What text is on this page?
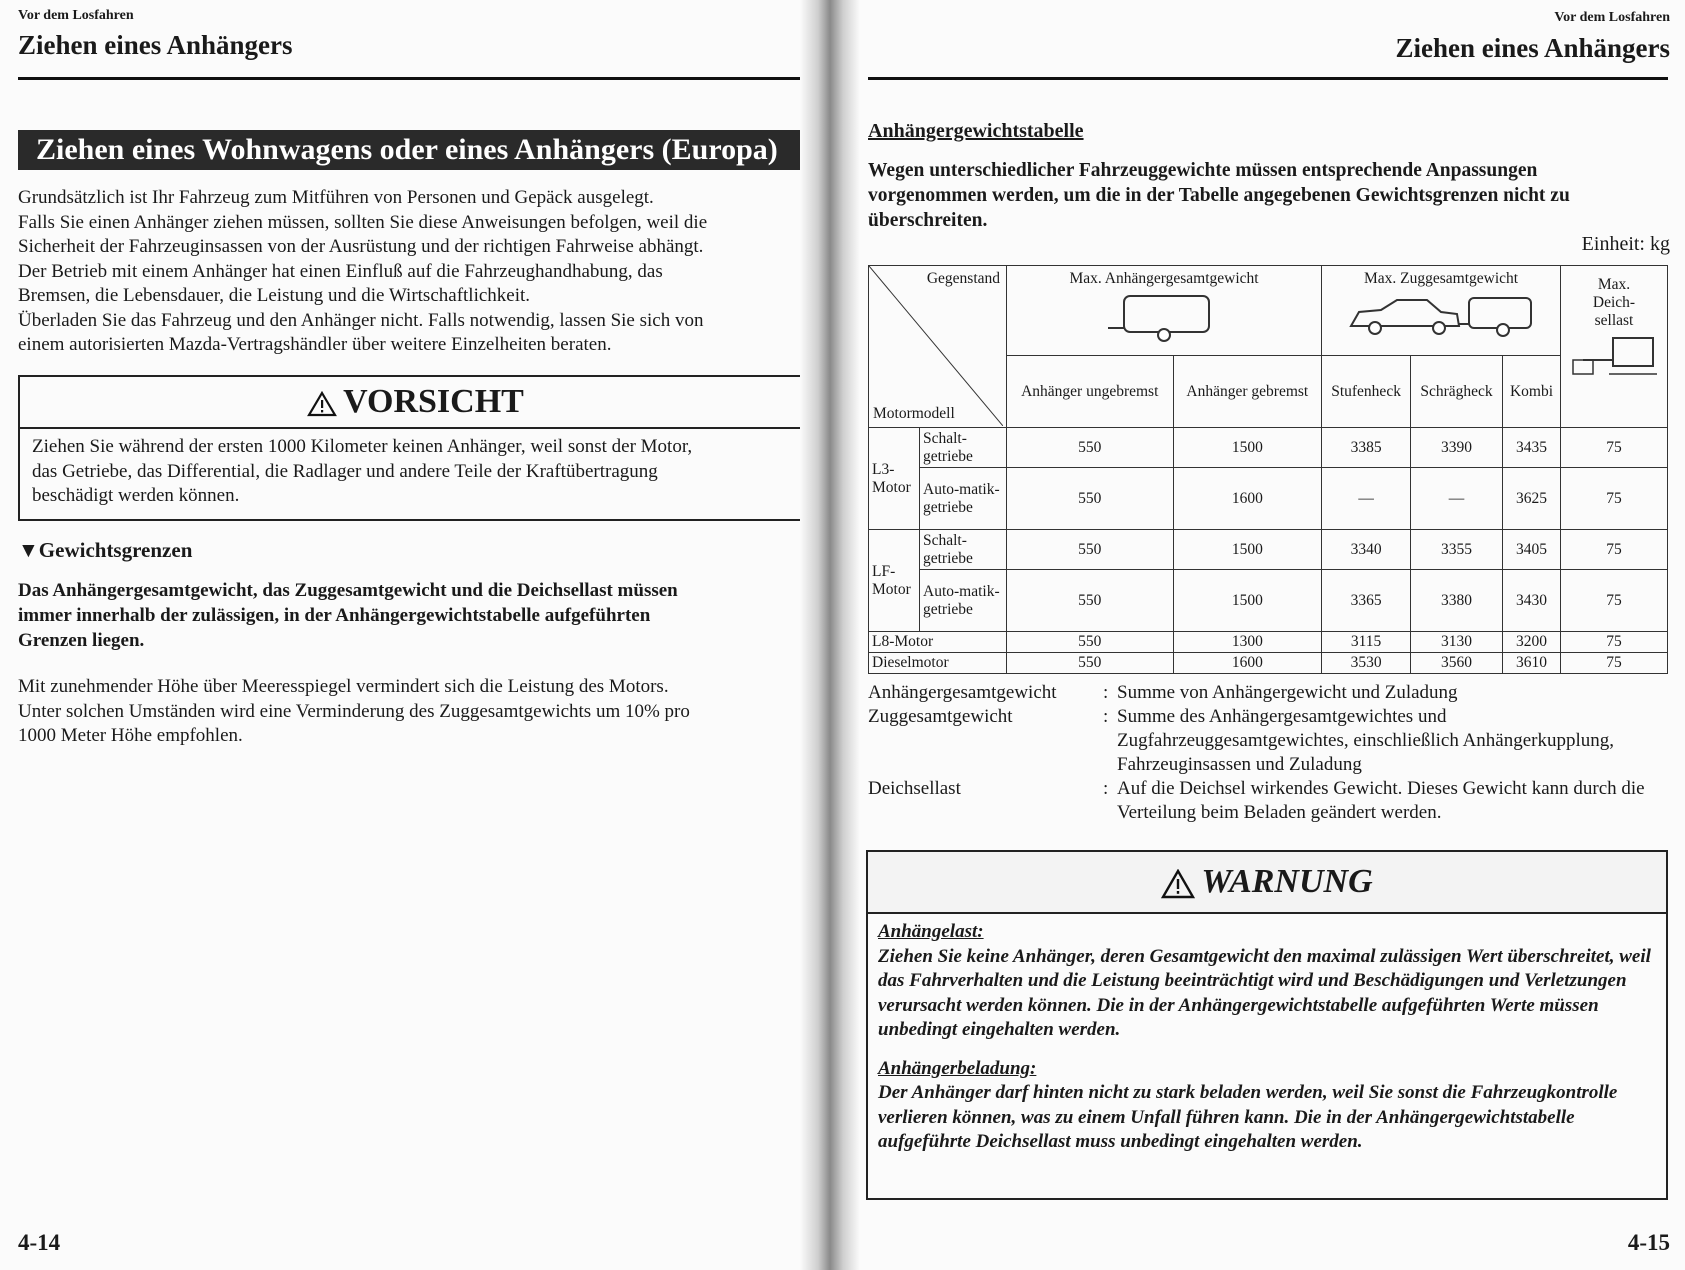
Vor dem Losfahren
Ziehen eines Anhängers
Ziehen eines Wohnwagens oder eines Anhängers (Europa)
Grundsätzlich ist Ihr Fahrzeug zum Mitführen von Personen und Gepäck ausgelegt.
Falls Sie einen Anhänger ziehen müssen, sollten Sie diese Anweisungen befolgen, weil die
Sicherheit der Fahrzeuginsassen von der Ausrüstung und der richtigen Fahrweise abhängt.
Der Betrieb mit einem Anhänger hat einen Einfluß auf die Fahrzeughandhabung, das
Bremsen, die Lebensdauer, die Leistung und die Wirtschaftlichkeit.
Überladen Sie das Fahrzeug und den Anhänger nicht. Falls notwendig, lassen Sie sich von
einem autorisierten Mazda-Vertragshändler über weitere Einzelheiten beraten.
VORSICHT
Ziehen Sie während der ersten 1000 Kilometer keinen Anhänger, weil sonst der Motor,
das Getriebe, das Differential, die Radlager und andere Teile der Kraftübertragung
beschädigt werden können.
▼Gewichtsgrenzen
Das Anhängergesamtgewicht, das Zuggesamtgewicht und die Deichsellast müssen
immer innerhalb der zulässigen, in der Anhängergewichtstabelle aufgeführten
Grenzen liegen.
Mit zunehmender Höhe über Meeresspiegel vermindert sich die Leistung des Motors.
Unter solchen Umständen wird eine Verminderung des Zuggesamtgewichts um 10% pro
1000 Meter Höhe empfohlen.
4-14
Vor dem Losfahren
Ziehen eines Anhängers
Anhängergewichtstabelle
Wegen unterschiedlicher Fahrzeuggewichte müssen entsprechende Anpassungen
vorgenommen werden, um die in der Tabelle angegebenen Gewichtsgrenzen nicht zu
überschreiten.
Einheit: kg
Gegenstand
Motormodell		Max. Anhängergesamtgewicht		Max. Zuggesamtgewicht			Max. Deich-sellast

		Anhänger ungebremst	Anhänger gebremst	Stufenheck	Schrägheck	Kombi	
L3-Motor	Schalt-getriebe	550	1500	3385	3390	3435	75
	Auto-matik-getriebe	550	1600	—	—	3625	75
LF-Motor	Schalt-getriebe	550	1500	3340	3355	3405	75
	Auto-matik-getriebe	550	1500	3365	3380	3430	75
L8-Motor		550	1300	3115	3130	3200	75
Dieselmotor		550	1600	3530	3560	3610	75
Anhängergesamtgewicht	: Summe von Anhängergewicht und Zuladung
Zuggesamtgewicht	: Summe des Anhängergesamtgewichtes und Zugfahrzeuggesamtgewichtes, einschließlich Anhängerkupplung, Fahrzeuginsassen und Zuladung
Deichsellast	: Auf die Deichsel wirkendes Gewicht. Dieses Gewicht kann durch die Verteilung beim Beladen geändert werden.
WARNUNG
Anhängelast:
Ziehen Sie keine Anhänger, deren Gesamtgewicht den maximal zulässigen Wert überschreitet, weil das Fahrverhalten und die Leistung beeinträchtigt wird und Beschädigungen und Verletzungen verursacht werden können. Die in der Anhängergewichtstabelle aufgeführten Werte müssen unbedingt eingehalten werden.
Anhängerbeladung:
Der Anhänger darf hinten nicht zu stark beladen werden, weil Sie sonst die Fahrzeugkontrolle verlieren können, was zu einem Unfall führen kann. Die in der Anhängergewichtstabelle aufgeführte Deichsellast muss unbedingt eingehalten werden.
4-15
